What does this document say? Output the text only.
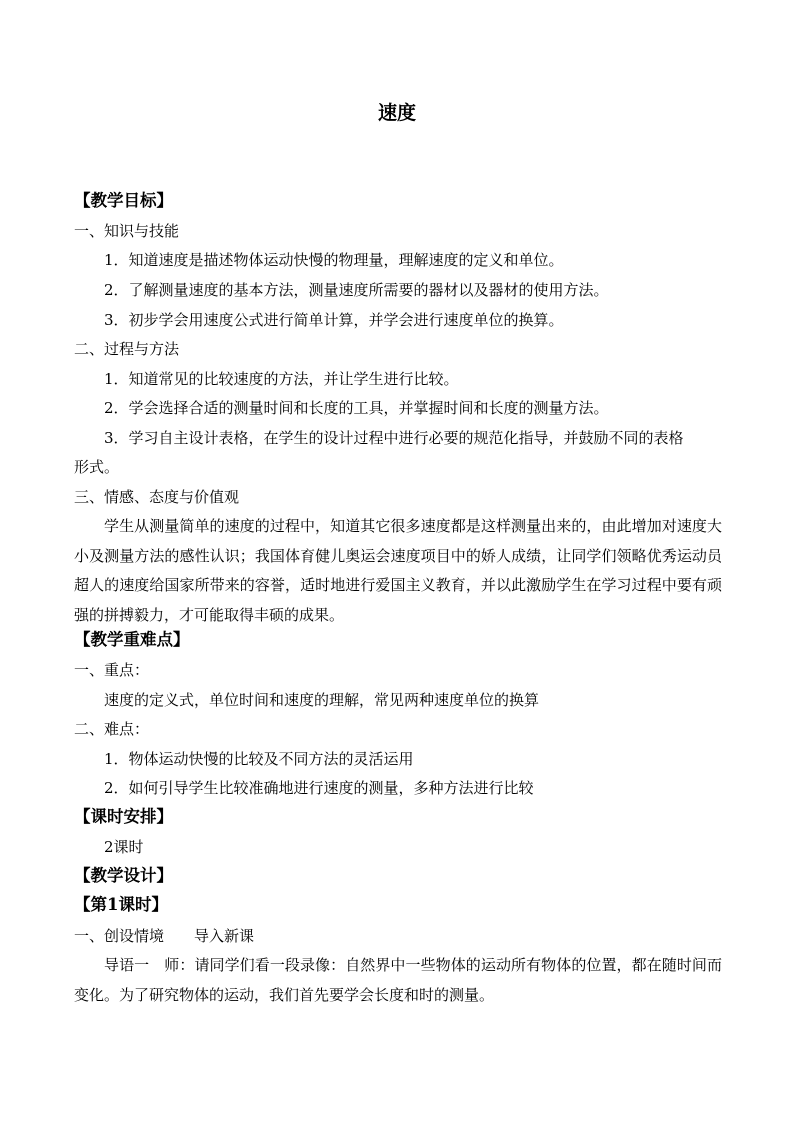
速度
【教学目标】
一、知识与技能
1．知道速度是描述物体运动快慢的物理量，理解速度的定义和单位。
2．了解测量速度的基本方法，测量速度所需要的器材以及器材的使用方法。
3．初步学会用速度公式进行简单计算，并学会进行速度单位的换算。
二、过程与方法
1．知道常见的比较速度的方法，并让学生进行比较。
2．学会选择合适的测量时间和长度的工具，并掌握时间和长度的测量方法。
3．学习自主设计表格，在学生的设计过程中进行必要的规范化指导，并鼓励不同的表格
形式。
三、情感、态度与价值观
学生从测量简单的速度的过程中，知道其它很多速度都是这样测量出来的，由此增加对速度大小及测量方法的感性认识；我国体育健儿奥运会速度项目中的娇人成绩，让同学们领略优秀运动员超人的速度给国家所带来的容誉，适时地进行爱国主义教育，并以此激励学生在学习过程中要有顽强的拼搏毅力，才可能取得丰硕的成果。
【教学重难点】
一、重点：
速度的定义式，单位时间和速度的理解，常见两种速度单位的换算
二、难点：
1．物体运动快慢的比较及不同方法的灵活运用
2．如何引导学生比较准确地进行速度的测量，多种方法进行比较
【课时安排】
2课时
【教学设计】
【第1课时】
一、创设情境　　导入新课
导语一　师：请同学们看一段录像：自然界中一些物体的运动所有物体的位置，都在随时间而变化。为了研究物体的运动，我们首先要学会长度和时的测量。
